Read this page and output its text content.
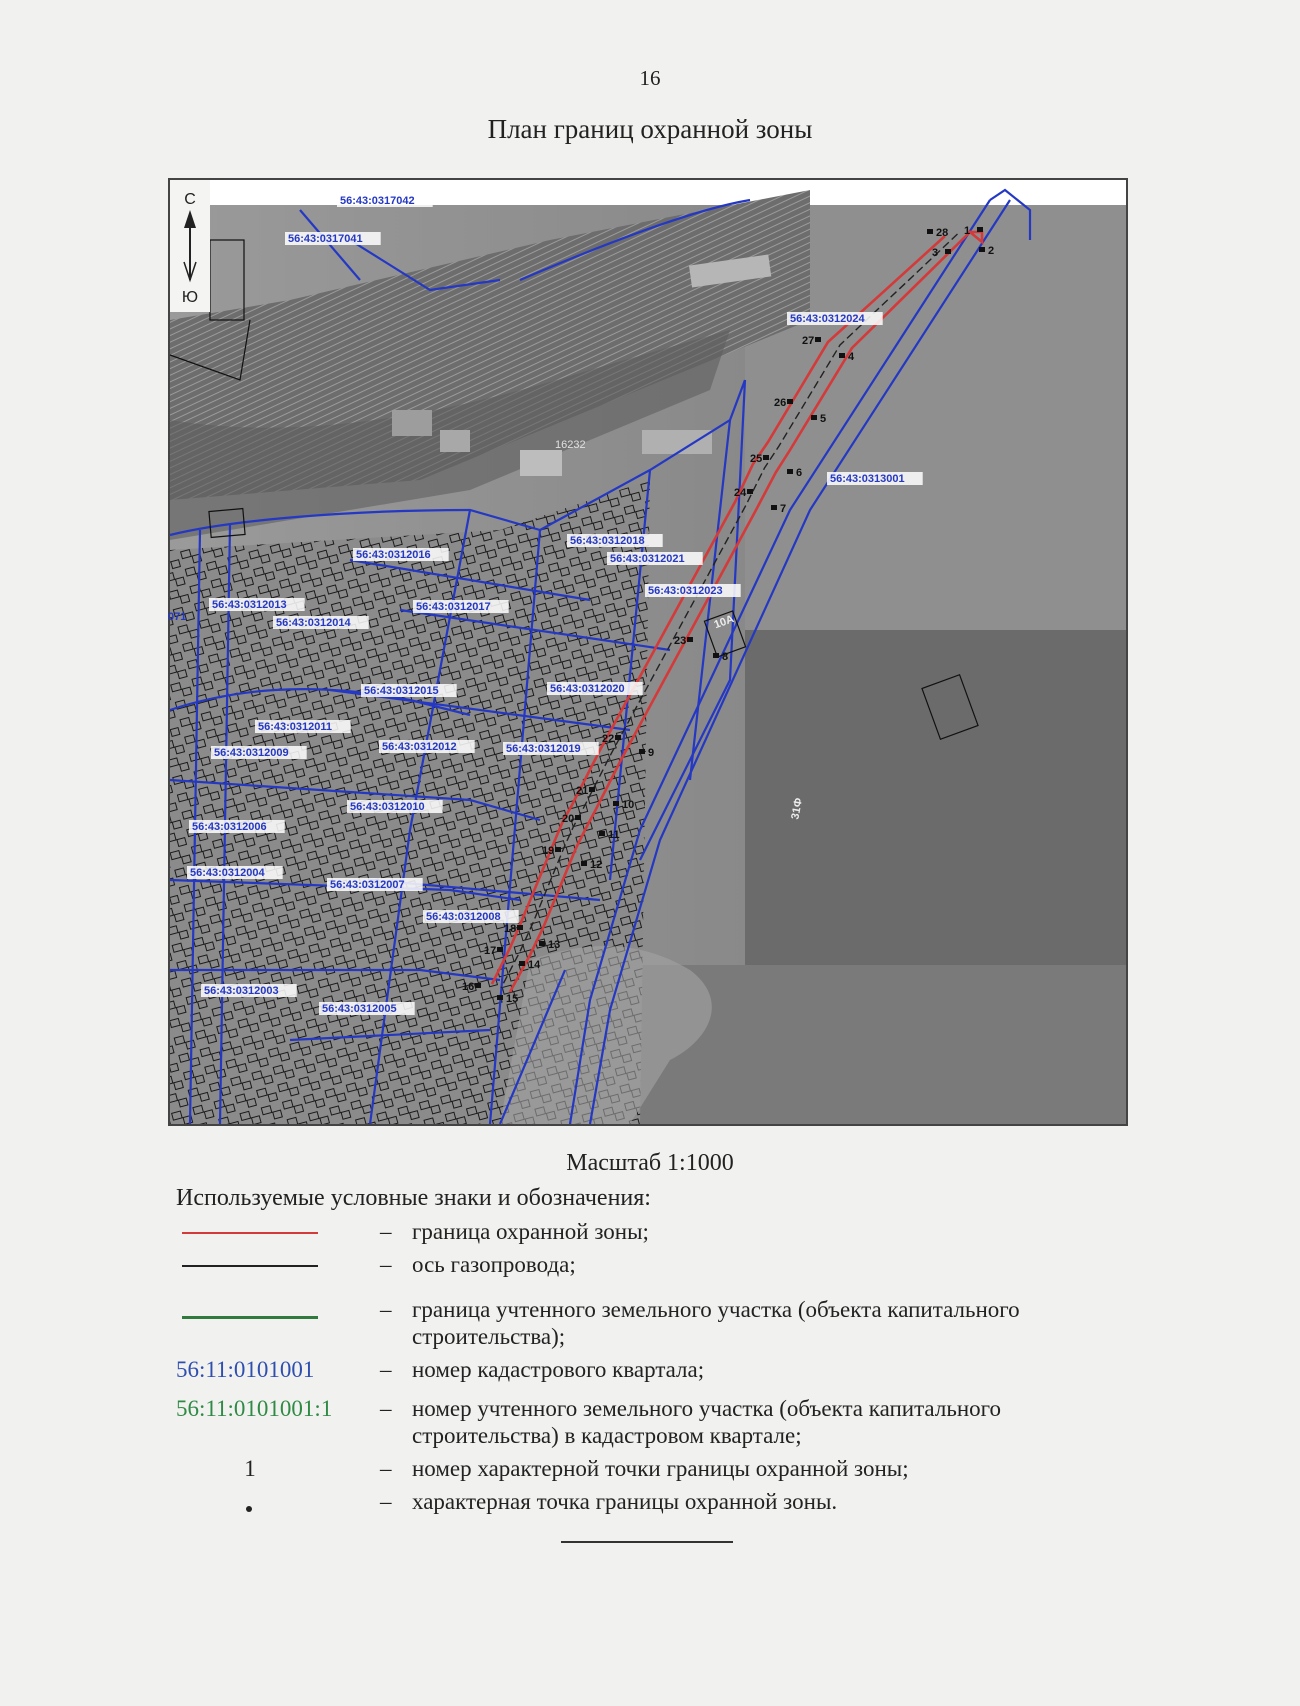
16
План границ охранной зоны
56:43:0317042
56:43:0317041
56:43:0312024
56:43:0313001
56:43:0312016
56:43:0312018
56:43:0312021
56:43:0312023
56:43:0312013	56:43:0312017
56:43:0312014
56:43:0312015	56:43:0312020
56:43:0312011
56:43:0312012
56:43:0312009	56:43:0312019
56:43:0312010
56:43:0312006
56:43:0312004
56:43:0312007
56:43:0312008
56:43:0312003
56:43:0312005
1
2
3
28
27
4
26
5
25
6
24
7
23
8
22
9
21
10
20
11
19
12
18
13
17
14
16
15
16232
071	10А
31Ф
С
Ю
Масштаб 1:1000
Используемые условные знаки и обозначения:
– граница охранной зоны;
– ось газопровода;
– граница учтенного земельного участка (объекта капитального строительства);
56:11:0101001	– номер кадастрового квартала;
56:11:0101001:1	– номер учтенного земельного участка (объекта капитального строительства) в кадастровом квартале;
1	– номер характерной точки границы охранной зоны;
– характерная точка границы охранной зоны.
